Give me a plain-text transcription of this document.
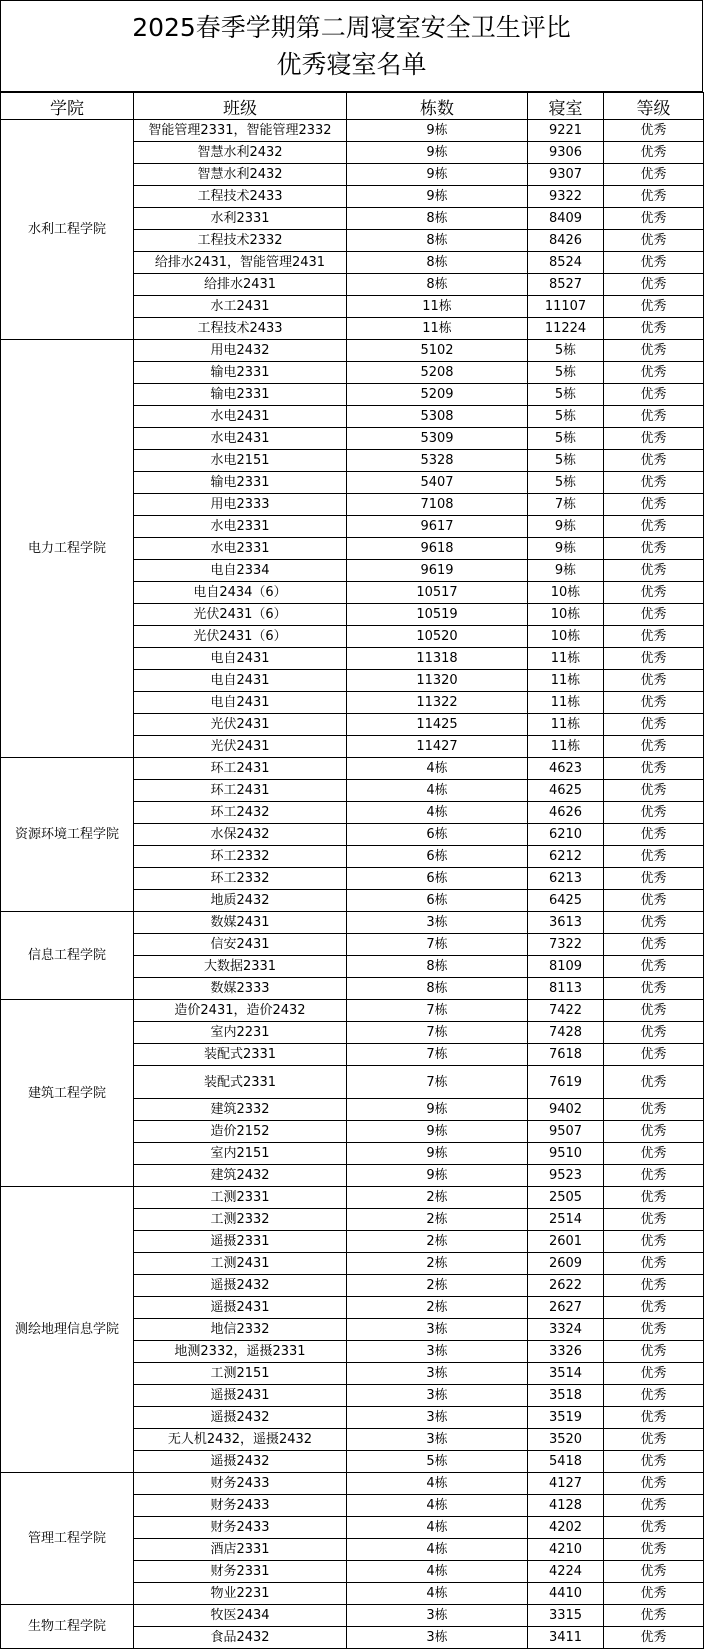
2025春季学期第二周寝室安全卫生评比
优秀寝室名单
学院	班级	栋数	寝室	等级
水利工程学院	智能管理2331，智能管理2332	9栋	9221	优秀
	智慧水利2432	9栋	9306	优秀
	智慧水利2432	9栋	9307	优秀
	工程技术2433	9栋	9322	优秀
	水利2331	8栋	8409	优秀
	工程技术2332	8栋	8426	优秀
	给排水2431，智能管理2431	8栋	8524	优秀
	给排水2431	8栋	8527	优秀
	水工2431	11栋	11107	优秀
	工程技术2433	11栋	11224	优秀
电力工程学院	用电2432	5102	5栋	优秀
	输电2331	5208	5栋	优秀
	输电2331	5209	5栋	优秀
	水电2431	5308	5栋	优秀
	水电2431	5309	5栋	优秀
	水电2151	5328	5栋	优秀
	输电2331	5407	5栋	优秀
	用电2333	7108	7栋	优秀
	水电2331	9617	9栋	优秀
	水电2331	9618	9栋	优秀
	电自2334	9619	9栋	优秀
	电自2434（6）	10517	10栋	优秀
	光伏2431（6）	10519	10栋	优秀
	光伏2431（6）	10520	10栋	优秀
	电自2431	11318	11栋	优秀
	电自2431	11320	11栋	优秀
	电自2431	11322	11栋	优秀
	光伏2431	11425	11栋	优秀
	光伏2431	11427	11栋	优秀
资源环境工程学院	环工2431	4栋	4623	优秀
	环工2431	4栋	4625	优秀
	环工2432	4栋	4626	优秀
	水保2432	6栋	6210	优秀
	环工2332	6栋	6212	优秀
	环工2332	6栋	6213	优秀
	地质2432	6栋	6425	优秀
信息工程学院	数媒2431	3栋	3613	优秀
	信安2431	7栋	7322	优秀
	大数据2331	8栋	8109	优秀
	数媒2333	8栋	8113	优秀
建筑工程学院	造价2431，造价2432	7栋	7422	优秀
	室内2231	7栋	7428	优秀
	装配式2331	7栋	7618	优秀
	装配式2331	7栋	7619	优秀
	建筑2332	9栋	9402	优秀
	造价2152	9栋	9507	优秀
	室内2151	9栋	9510	优秀
	建筑2432	9栋	9523	优秀
测绘地理信息学院	工测2331	2栋	2505	优秀
	工测2332	2栋	2514	优秀
	遥摄2331	2栋	2601	优秀
	工测2431	2栋	2609	优秀
	遥摄2432	2栋	2622	优秀
	遥摄2431	2栋	2627	优秀
	地信2332	3栋	3324	优秀
	地测2332，遥摄2331	3栋	3326	优秀
	工测2151	3栋	3514	优秀
	遥摄2431	3栋	3518	优秀
	遥摄2432	3栋	3519	优秀
	无人机2432，遥摄2432	3栋	3520	优秀
	遥摄2432	5栋	5418	优秀
管理工程学院	财务2433	4栋	4127	优秀
	财务2433	4栋	4128	优秀
	财务2433	4栋	4202	优秀
	酒店2331	4栋	4210	优秀
	财务2331	4栋	4224	优秀
	物业2231	4栋	4410	优秀
生物工程学院	牧医2434	3栋	3315	优秀
	食品2432	3栋	3411	优秀
